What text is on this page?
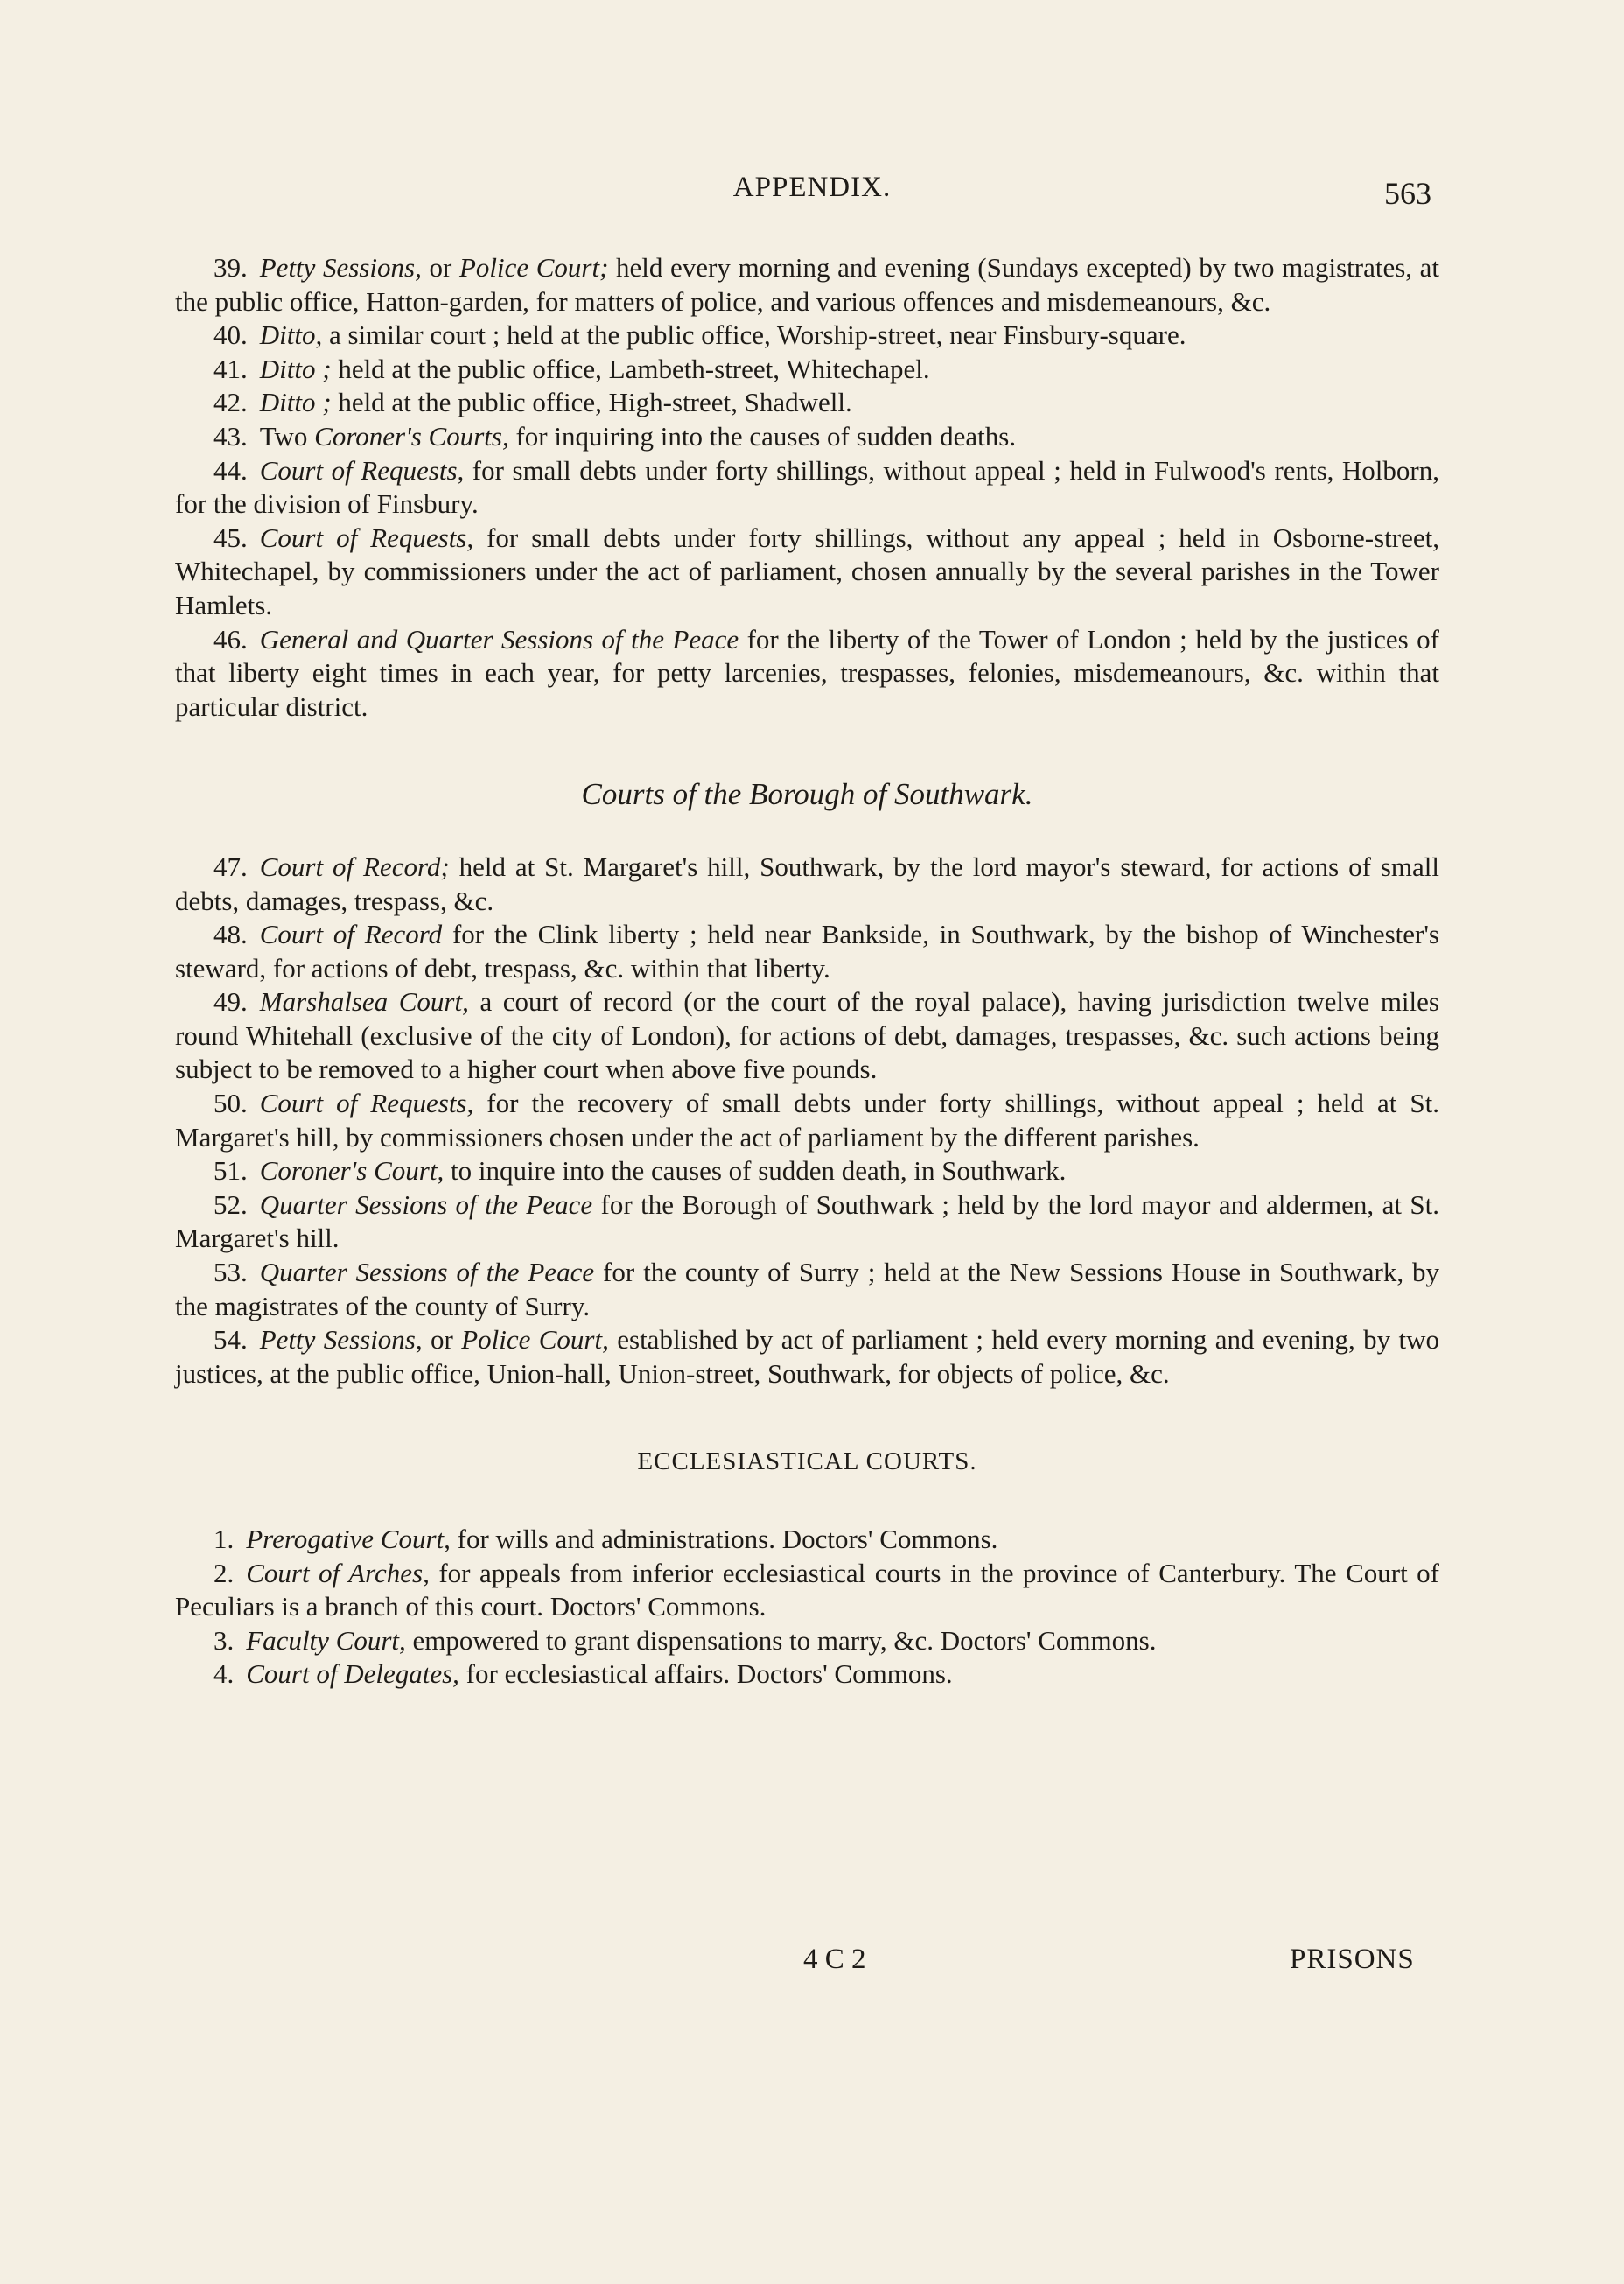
APPENDIX.	563

39. Petty Sessions, or Police Court; held every morning and evening (Sundays excepted) by two magistrates, at the public office, Hatton-garden, for matters of police, and various offences and misdemeanours, &c.

40. Ditto, a similar court ; held at the public office, Worship-street, near Finsbury-square.

41. Ditto ; held at the public office, Lambeth-street, Whitechapel.

42. Ditto ; held at the public office, High-street, Shadwell.

43. Two Coroner's Courts, for inquiring into the causes of sudden deaths.

44. Court of Requests, for small debts under forty shillings, without appeal ; held in Fulwood's rents, Holborn, for the division of Finsbury.

45. Court of Requests, for small debts under forty shillings, without any appeal ; held in Osborne-street, Whitechapel, by commissioners under the act of parliament, chosen annually by the several parishes in the Tower Hamlets.

46. General and Quarter Sessions of the Peace for the liberty of the Tower of London ; held by the justices of that liberty eight times in each year, for petty larcenies, trespasses, felonies, misdemeanours, &c. within that particular district.

Courts of the Borough of Southwark.

47. Court of Record; held at St. Margaret's hill, Southwark, by the lord mayor's steward, for actions of small debts, damages, trespass, &c.

48. Court of Record for the Clink liberty ; held near Bankside, in Southwark, by the bishop of Winchester's steward, for actions of debt, trespass, &c. within that liberty.

49. Marshalsea Court, a court of record (or the court of the royal palace), having jurisdiction twelve miles round Whitehall (exclusive of the city of London), for actions of debt, damages, trespasses, &c. such actions being subject to be removed to a higher court when above five pounds.

50. Court of Requests, for the recovery of small debts under forty shillings, without appeal ; held at St. Margaret's hill, by commissioners chosen under the act of parliament by the different parishes.

51. Coroner's Court, to inquire into the causes of sudden death, in Southwark.

52. Quarter Sessions of the Peace for the Borough of Southwark ; held by the lord mayor and aldermen, at St. Margaret's hill.

53. Quarter Sessions of the Peace for the county of Surry ; held at the New Sessions House in Southwark, by the magistrates of the county of Surry.

54. Petty Sessions, or Police Court, established by act of parliament ; held every morning and evening, by two justices, at the public office, Union-hall, Union-street, Southwark, for objects of police, &c.

ECCLESIASTICAL COURTS.

1. Prerogative Court, for wills and administrations. Doctors' Commons.

2. Court of Arches, for appeals from inferior ecclesiastical courts in the province of Canterbury. The Court of Peculiars is a branch of this court. Doctors' Commons.

3. Faculty Court, empowered to grant dispensations to marry, &c. Doctors' Commons.

4. Court of Delegates, for ecclesiastical affairs. Doctors' Commons.

4 C 2	PRISONS
